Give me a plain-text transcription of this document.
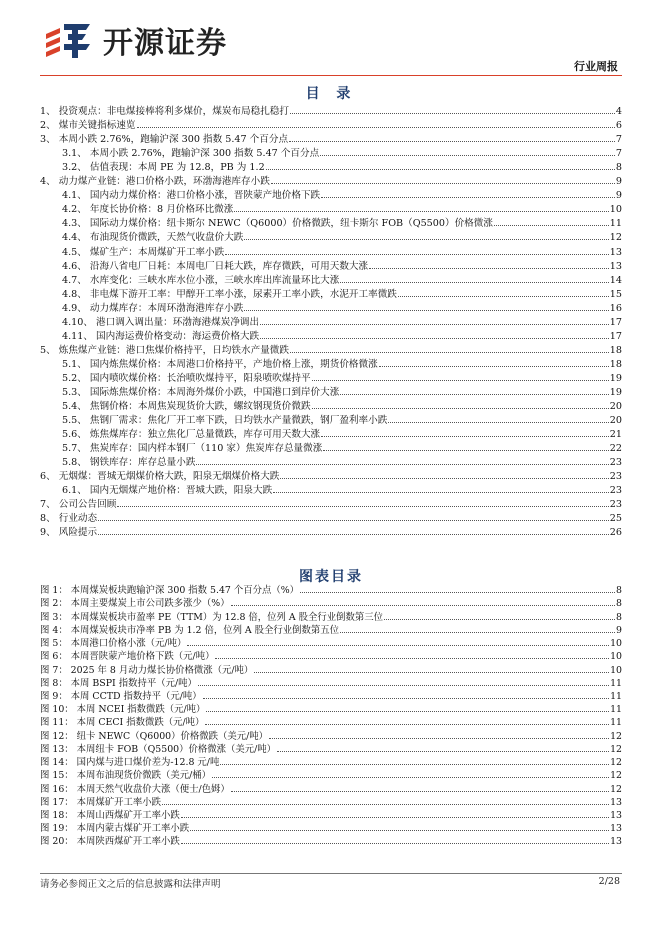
开源证券
行业周报
目 录
1、 投资观点：非电煤接棒将利多煤价，煤炭布局稳扎稳打	4
2、 煤市关键指标速览	6
3、 本周小跌 2.76%，跑输沪深 300 指数 5.47 个百分点	7
3.1、 本周小跌 2.76%，跑输沪深 300 指数 5.47 个百分点	7
3.2、 估值表现：本周 PE 为 12.8，PB 为 1.2	8
4、 动力煤产业链：港口价格小跌，环渤海港库存小跌	9
4.1、 国内动力煤价格：港口价格小涨，晋陕蒙产地价格下跌	9
4.2、 年度长协价格：8 月价格环比微涨	10
4.3、 国际动力煤价格：纽卡斯尔 NEWC（Q6000）价格微跌，纽卡斯尔 FOB（Q5500）价格微涨	11
4.4、 布油现货价微跌，天然气收盘价大跌	12
4.5、 煤矿生产：本周煤矿开工率小跌	13
4.6、 沿海八省电厂日耗：本周电厂日耗大跌，库存微跌，可用天数大涨	13
4.7、 水库变化：三峡水库水位小涨，三峡水库出库流量环比大涨	14
4.8、 非电煤下游开工率：甲醇开工率小涨，尿素开工率小跌，水泥开工率微跌	15
4.9、 动力煤库存：本周环渤海港库存小跌	16
4.10、 港口调入调出量：环渤海港煤炭净调出	17
4.11、 国内海运费价格变动：海运费价格大跌	17
5、 炼焦煤产业链：港口焦煤价格持平，日均铁水产量微跌	18
5.1、 国内炼焦煤价格：本周港口价格持平，产地价格上涨，期货价格微涨	18
5.2、 国内喷吹煤价格：长治喷吹煤持平，阳泉喷吹煤持平	19
5.3、 国际炼焦煤价格：本周海外煤价小跌，中国港口到岸价大涨	19
5.4、 焦钢价格：本周焦炭现货价大跌，螺纹钢现货价微跌	20
5.5、 焦钢厂需求：焦化厂开工率下跌，日均铁水产量微跌，钢厂盈利率小跌	20
5.6、 炼焦煤库存：独立焦化厂总量微跌，库存可用天数大涨	21
5.7、 焦炭库存：国内样本钢厂（110 家）焦炭库存总量微涨	22
5.8、 钢铁库存：库存总量小跌	23
6、 无烟煤：晋城无烟煤价格大跌，阳泉无烟煤价格大跌	23
6.1、 国内无烟煤产地价格：晋城大跌，阳泉大跌	23
7、 公司公告回顾	23
8、 行业动态	25
9、 风险提示	26
图表目录
图 1： 本周煤炭板块跑输沪深 300 指数 5.47 个百分点（%）	8
图 2： 本周主要煤炭上市公司跌多涨少（%）	8
图 3： 本周煤炭板块市盈率 PE（TTM）为 12.8 倍，位列 A 股全行业倒数第三位	8
图 4： 本周煤炭板块市净率 PB 为 1.2 倍，位列 A 股全行业倒数第五位	9
图 5： 本周港口价格小涨（元/吨）	10
图 6： 本周晋陕蒙产地价格下跌（元/吨）	10
图 7： 2025 年 8 月动力煤长协价格微涨（元/吨）	10
图 8： 本周 BSPI 指数持平（元/吨）	11
图 9： 本周 CCTD 指数持平（元/吨）	11
图 10： 本周 NCEI 指数微跌（元/吨）	11
图 11： 本周 CECI 指数微跌（元/吨）	11
图 12： 纽卡 NEWC（Q6000）价格微跌（美元/吨）	12
图 13： 本周纽卡 FOB（Q5500）价格微涨（美元/吨）	12
图 14： 国内煤与进口煤价差为-12.8 元/吨	12
图 15： 本周布油现货价微跌（美元/桶）	12
图 16： 本周天然气收盘价大涨（便士/色姆）	12
图 17： 本周煤矿开工率小跌	13
图 18： 本周山西煤矿开工率小跌	13
图 19： 本周内蒙古煤矿开工率小跌	13
图 20： 本周陕西煤矿开工率小跌	13
请务必参阅正文之后的信息披露和法律声明	2/28
